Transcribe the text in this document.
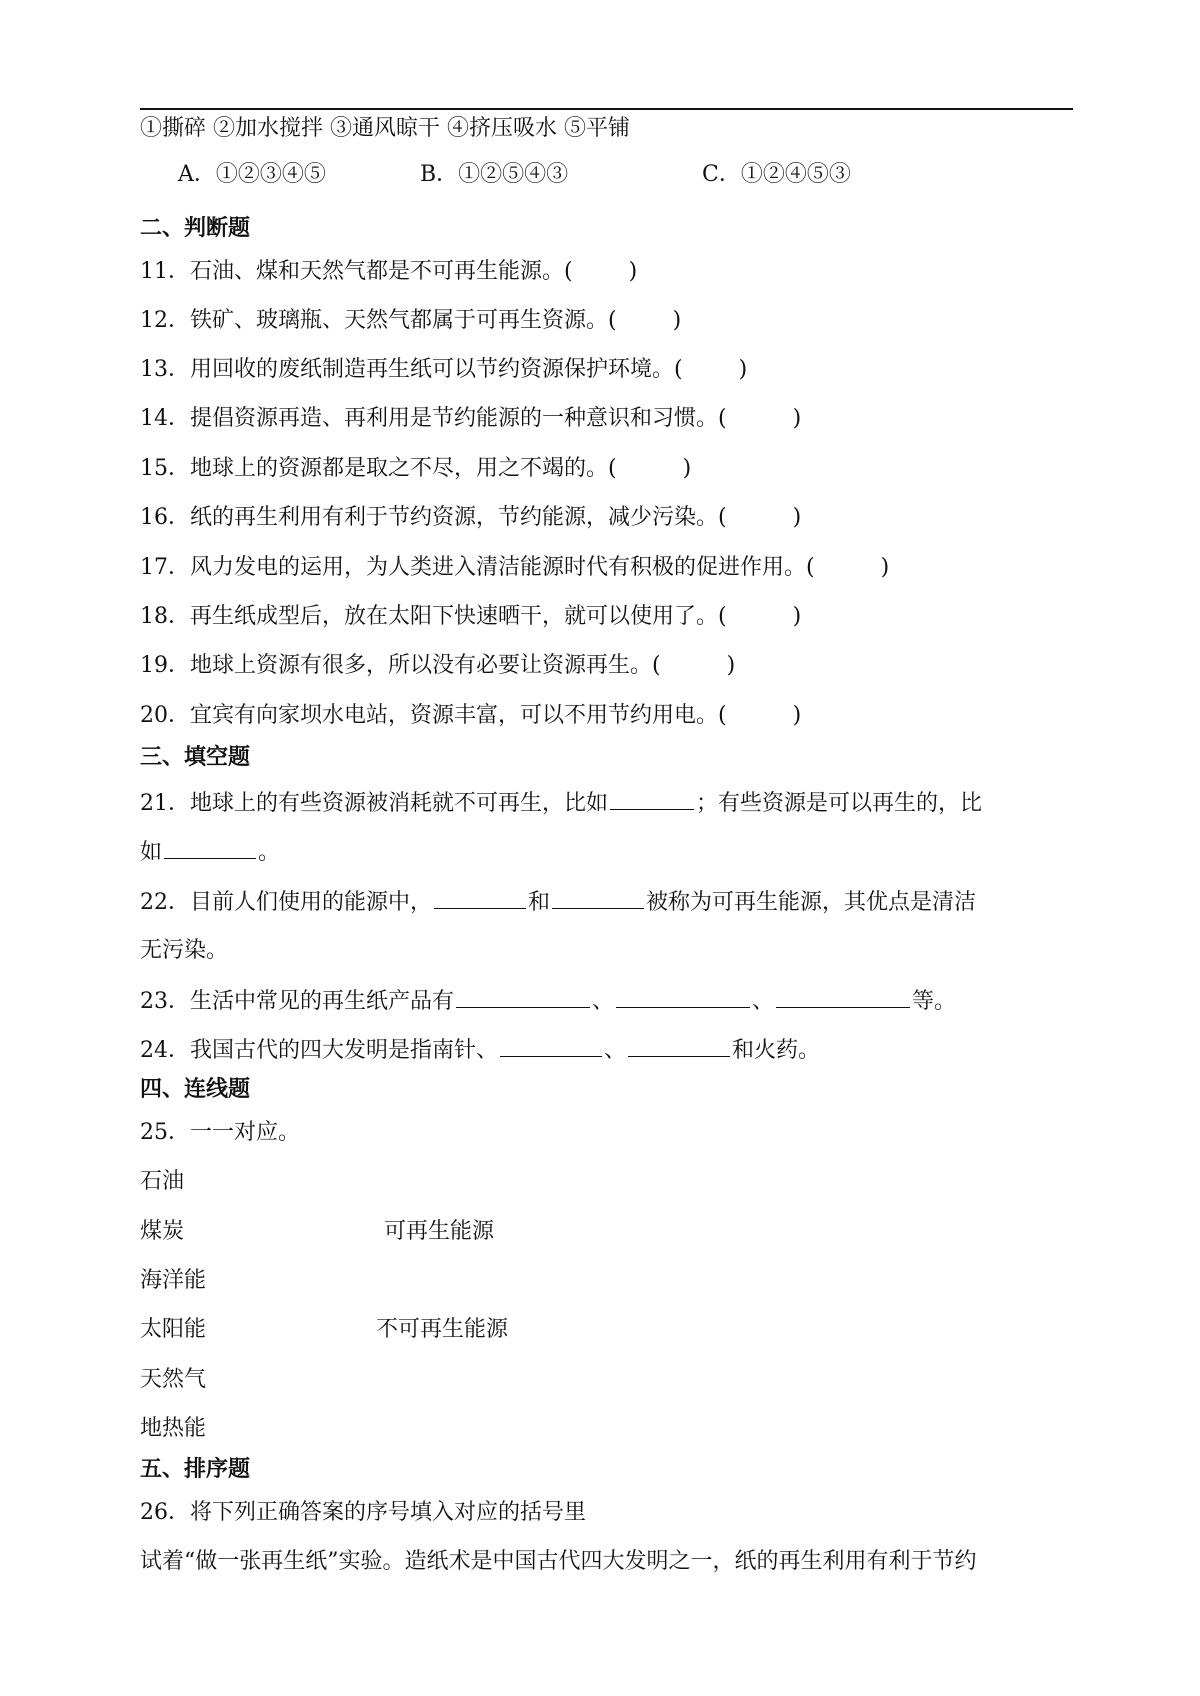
①撕碎 ②加水搅拌 ③通风晾干 ④挤压吸水 ⑤平铺
A．①②③④⑤	B．①②⑤④③	C．①②④⑤③
二、判断题
11．石油、煤和天然气都是不可再生能源。(	)
12．铁矿、玻璃瓶、天然气都属于可再生资源。(	)
13．用回收的废纸制造再生纸可以节约资源保护环境。(	)
14．提倡资源再造、再利用是节约能源的一种意识和习惯。(	)
15．地球上的资源都是取之不尽，用之不竭的。(	)
16．纸的再生利用有利于节约资源，节约能源，减少污染。(	)
17．风力发电的运用，为人类进入清洁能源时代有积极的促进作用。(	)
18．再生纸成型后，放在太阳下快速晒干，就可以使用了。(	)
19．地球上资源有很多，所以没有必要让资源再生。(	)
20．宜宾有向家坝水电站，资源丰富，可以不用节约用电。(	)
三、填空题
21．地球上的有些资源被消耗就不可再生，比如	；有些资源是可以再生的，比
如	。
22．目前人们使用的能源中，	和	被称为可再生能源，其优点是清洁
无污染。
23．生活中常见的再生纸产品有	、	、	等。
24．我国古代的四大发明是指南针、	、	和火药。
四、连线题
25．一一对应。
石油
煤炭	可再生能源
海洋能
太阳能	不可再生能源
天然气
地热能
五、排序题
26．将下列正确答案的序号填入对应的括号里
试着“做一张再生纸”实验。造纸术是中国古代四大发明之一，纸的再生利用有利于节约
